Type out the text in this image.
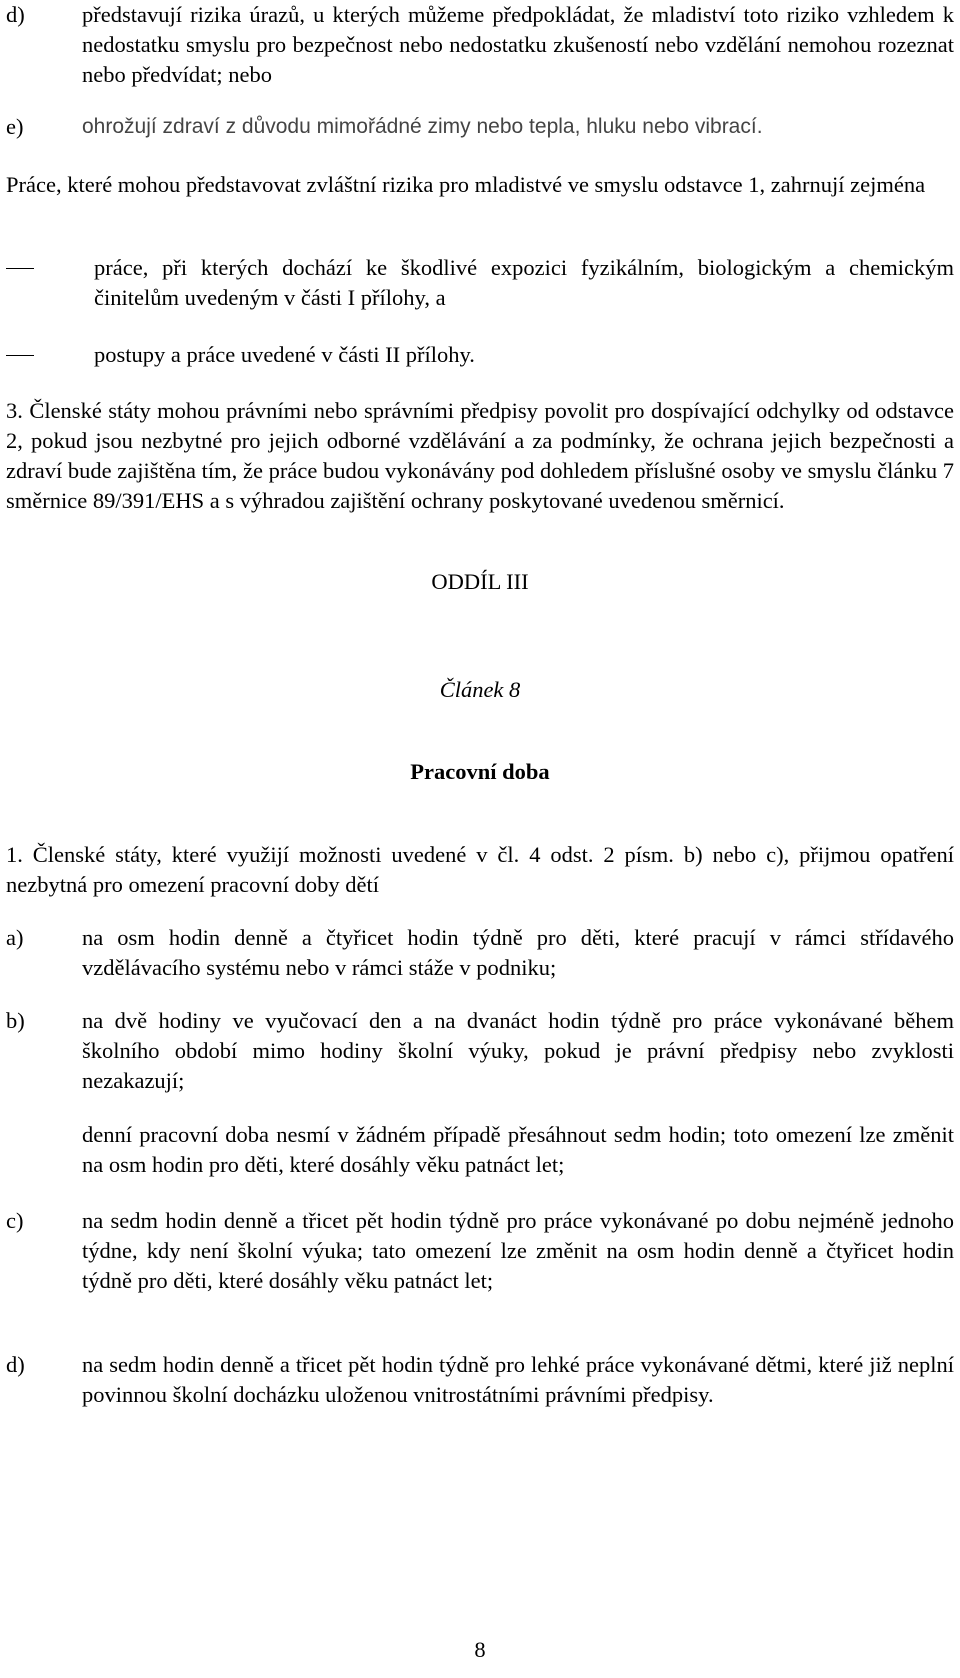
d)	představují rizika úrazů, u kterých můžeme předpokládat, že mladiství toto riziko vzhledem k nedostatku smyslu pro bezpečnost nebo nedostatku zkušeností nebo vzdělání nemohou rozeznat nebo předvídat; nebo
e)	ohrožují zdraví z důvodu mimořádné zimy nebo tepla, hluku nebo vibrací.
Práce, které mohou představovat zvláštní rizika pro mladistvé ve smyslu odstavce 1, zahrnují zejména
práce, při kterých dochází ke škodlivé expozici fyzikálním, biologickým a chemickým činitelům uvedeným v části I přílohy, a
postupy a práce uvedené v části II přílohy.
3. Členské státy mohou právními nebo správními předpisy povolit pro dospívající odchylky od odstavce 2, pokud jsou nezbytné pro jejich odborné vzdělávání a za podmínky, že ochrana jejich bezpečnosti a zdraví bude zajištěna tím, že práce budou vykonávány pod dohledem příslušné osoby ve smyslu článku 7 směrnice 89/391/EHS a s výhradou zajištění ochrany poskytované uvedenou směrnicí.
ODDÍL III
Článek 8
Pracovní doba
1. Členské státy, které využijí možnosti uvedené v čl. 4 odst. 2 písm. b) nebo c), přijmou opatření nezbytná pro omezení pracovní doby dětí
a)	na osm hodin denně a čtyřicet hodin týdně pro děti, které pracují v rámci střídavého vzdělávacího systému nebo v rámci stáže v podniku;
b)	na dvě hodiny ve vyučovací den a na dvanáct hodin týdně pro práce vykonávané během školního období mimo hodiny školní výuky, pokud je právní předpisy nebo zvyklosti nezakazují;
denní pracovní doba nesmí v žádném případě přesáhnout sedm hodin; toto omezení lze změnit na osm hodin pro děti, které dosáhly věku patnáct let;
c)	na sedm hodin denně a třicet pět hodin týdně pro práce vykonávané po dobu nejméně jednoho týdne, kdy není školní výuka; tato omezení lze změnit na osm hodin denně a čtyřicet hodin týdně pro děti, které dosáhly věku patnáct let;
d)	na sedm hodin denně a třicet pět hodin týdně pro lehké práce vykonávané dětmi, které již neplní povinnou školní docházku uloženou vnitrostátními právními předpisy.
8
